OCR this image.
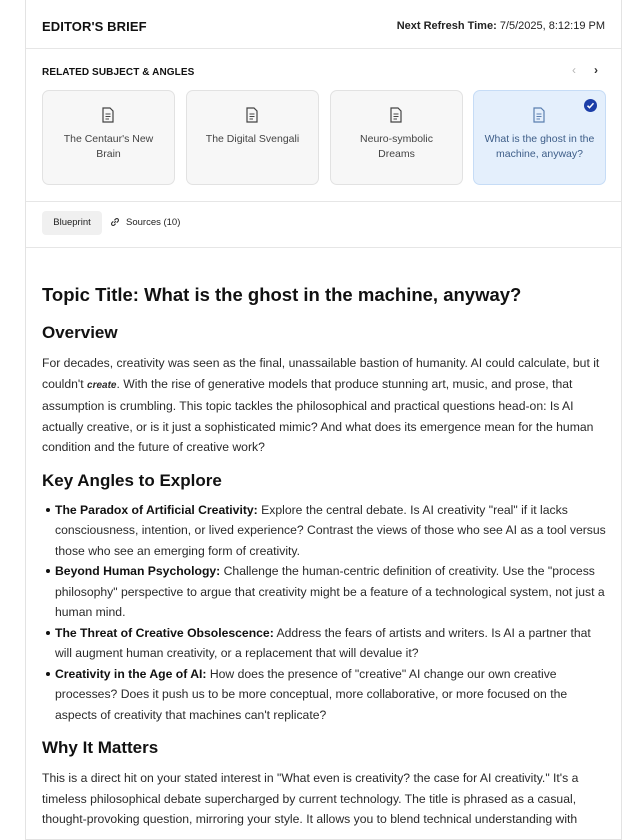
EDITOR'S BRIEF	Next Refresh Time: 7/5/2025, 8:12:19 PM
RELATED SUBJECT & ANGLES	‹	›
The Centaur's New Brain
The Digital Svengali	Neuro-symbolic Dreams
What is the ghost in the machine, anyway?
Blueprint	Sources (10)
Topic Title: What is the ghost in the machine, anyway?
Overview

For decades, creativity was seen as the final, unassailable bastion of humanity. AI could calculate, but it couldn't create. With the rise of generative models that produce stunning art, music, and prose, that assumption is crumbling. This topic tackles the philosophical and practical questions head-on: Is AI actually creative, or is it just a sophisticated mimic? And what does its emergence mean for the human condition and the future of creative work?

Key Angles to Explore
The Paradox of Artificial Creativity: Explore the central debate. Is AI creativity "real" if it lacks consciousness, intention, or lived experience? Contrast the views of those who see AI as a tool versus those who see an emerging form of creativity.
Beyond Human Psychology: Challenge the human-centric definition of creativity. Use the "process philosophy" perspective to argue that creativity might be a feature of a technological system, not just a human mind.
The Threat of Creative Obsolescence: Address the fears of artists and writers. Is AI a partner that will augment human creativity, or a replacement that will devalue it?
Creativity in the Age of AI: How does the presence of "creative" AI change our own creative processes? Does it push us to be more conceptual, more collaborative, or more focused on the aspects of creativity that machines can't replicate?
Why It Matters

This is a direct hit on your stated interest in "What even is creativity? the case for AI creativity." It's a timeless philosophical debate supercharged by current technology. The title is phrased as a casual, thought-provoking question, mirroring your style. It allows you to blend technical understanding with
